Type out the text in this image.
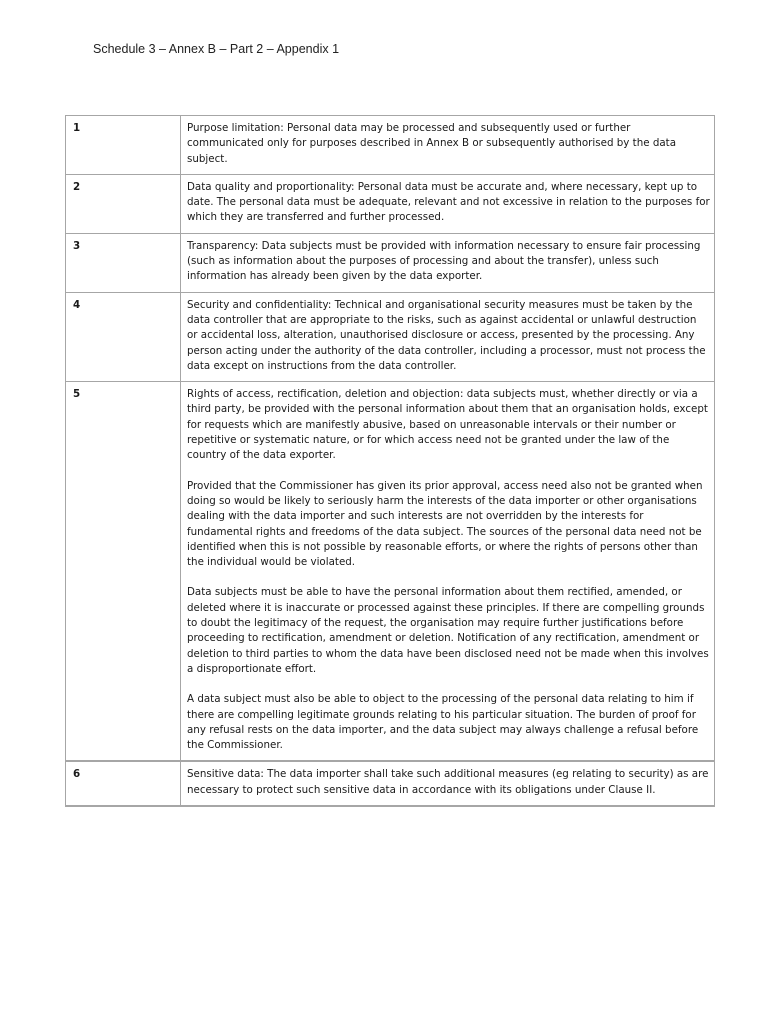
Schedule 3 – Annex B – Part 2 – Appendix 1
1	Purpose limitation: Personal data may be processed and subsequently used or further communicated only for purposes described in Annex B or subsequently authorised by the data subject.

2	Data quality and proportionality: Personal data must be accurate and, where necessary, kept up to date. The personal data must be adequate, relevant and not excessive in relation to the purposes for which they are transferred and further processed.

3	Transparency: Data subjects must be provided with information necessary to ensure fair processing (such as information about the purposes of processing and about the transfer), unless such information has already been given by the data exporter.

4	Security and confidentiality: Technical and organisational security measures must be taken by the data controller that are appropriate to the risks, such as against accidental or unlawful destruction or accidental loss, alteration, unauthorised disclosure or access, presented by the processing. Any person acting under the authority of the data controller, including a processor, must not process the data except on instructions from the data controller.

5	Rights of access, rectification, deletion and objection: data subjects must, whether directly or via a third party, be provided with the personal information about them that an organisation holds, except for requests which are manifestly abusive, based on unreasonable intervals or their number or repetitive or systematic nature, or for which access need not be granted under the law of the country of the data exporter.

Provided that the Commissioner has given its prior approval, access need also not be granted when doing so would be likely to seriously harm the interests of the data importer or other organisations dealing with the data importer and such interests are not overridden by the interests for fundamental rights and freedoms of the data subject. The sources of the personal data need not be identified when this is not possible by reasonable efforts, or where the rights of persons other than the individual would be violated.

Data subjects must be able to have the personal information about them rectified, amended, or deleted where it is inaccurate or processed against these principles. If there are compelling grounds to doubt the legitimacy of the request, the organisation may require further justifications before proceeding to rectification, amendment or deletion. Notification of any rectification, amendment or deletion to third parties to whom the data have been disclosed need not be made when this involves a disproportionate effort.

A data subject must also be able to object to the processing of the personal data relating to him if there are compelling legitimate grounds relating to his particular situation. The burden of proof for any refusal rests on the data importer, and the data subject may always challenge a refusal before the Commissioner.

6	Sensitive data: The data importer shall take such additional measures (eg relating to security) as are necessary to protect such sensitive data in accordance with its obligations under Clause II.
